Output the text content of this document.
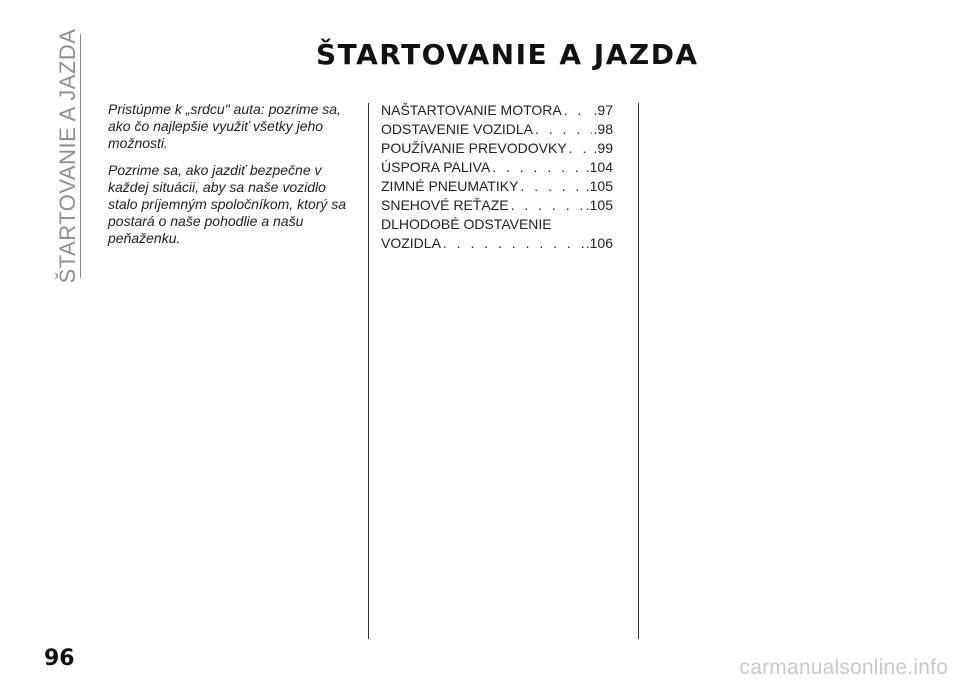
ŠTARTOVANIE A JAZDA	ŠTARTOVANIE A JAZDA

Pristúpme k „srdcu" auta: pozrime sa, ako čo najlepšie využiť všetky jeho možnosti.

Pozrime sa, ako jazdiť bezpečne v každej situácii, aby sa naše vozidlo stalo príjemným spoločníkom, ktorý sa postará o naše pohodlie a našu peňaženku.

NAŠTARTOVANIE MOTORA . . . .97
ODSTAVENIE VOZIDLA . . .	.98
POUŽÍVANIE PREVODOVKY . . . .99
ÚSPORA PALIVA . . .	.104
ZIMNÉ PNEUMATIKY . . .	.105
SNEHOVÉ REŤAZE . . .	.105
DLHODOBÉ ODSTAVENIE
VOZIDLA . . .	.106
96	carmanualsonline.info
